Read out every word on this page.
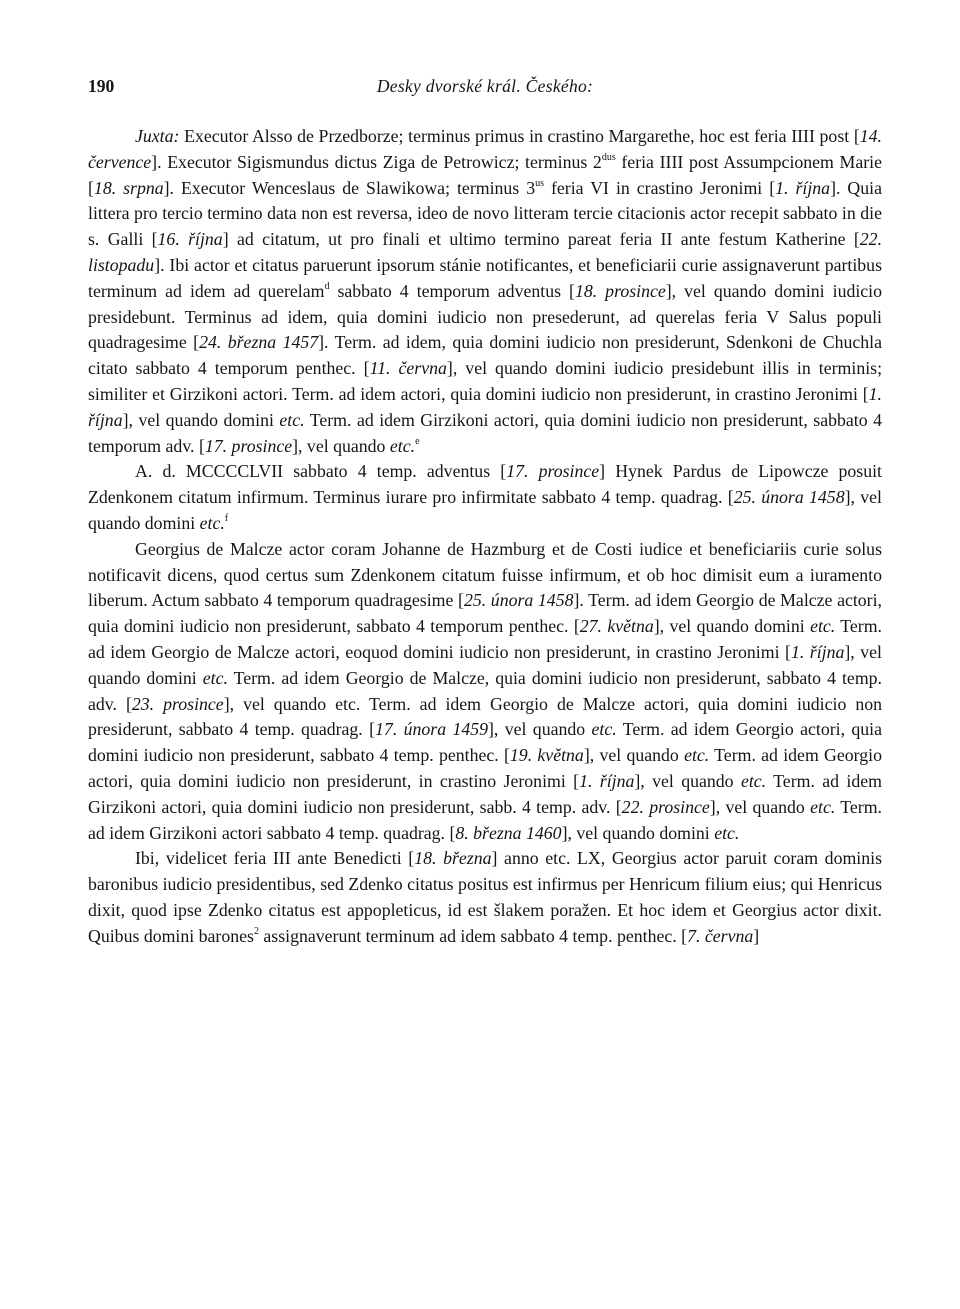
190	Desky dvorské král. Českého:

Juxta: Executor Alsso de Przedborze; terminus primus in crastino Margarethe, hoc est feria IIII post [14. července]. Executor Sigismundus dictus Ziga de Petrowicz; terminus $2^{dus}$ feria IIII post Assumpcionem Marie [18. srpna]. Executor Wenceslaus de Slawikowa; terminus $3^{us}$ feria VI in crastino Jeronimi [1. října]. Quia littera pro tercio termino data non est reversa, ideo de novo litteram tercie citacionis actor recepit sabbato in die s. Galli [16. října] ad citatum, ut pro finali et ultimo termino pareat feria II ante festum Katherine [22. listopadu]. Ibi actor et citatus paruerunt ipsorum stánie notificantes, et beneficiarii curie assignaverunt partibus terminum ad idem ad querelam$^d$ sabbato 4 temporum adventus [18. prosince], vel quando domini iudicio presidebunt. Terminus ad idem, quia domini iudicio non presederunt, ad querelas feria V Salus populi quadragesime [24. března 1457]. Term. ad idem, quia domini iudicio non presiderunt, Sdenkoni de Chuchla citato sabbato 4 temporum penthec. [11. června], vel quando domini iudicio presidebunt illis in terminis; similiter et Girzikoni actori. Term. ad idem actori, quia domini iudicio non presiderunt, in crastino Jeronimi [1. října], vel quando domini etc. Term. ad idem Girzikoni actori, quia domini iudicio non presiderunt, sabbato 4 temporum adv. [17. prosince], vel quando etc.$^e$

A. d. MCCCCLVII sabbato 4 temp. adventus [17. prosince] Hynek Pardus de Lipowcze posuit Zdenkonem citatum infirmum. Terminus iurare pro infirmitate sabbato 4 temp. quadrag. [25. února 1458], vel quando domini etc.$^f$

Georgius de Malcze actor coram Johanne de Hazmburg et de Costi iudice et beneficiariis curie solus notificavit dicens, quod certus sum Zdenkonem citatum fuisse infirmum, et ob hoc dimisit eum a iuramento liberum. Actum sabbato 4 temporum quadragesime [25. února 1458]. Term. ad idem Georgio de Malcze actori, quia domini iudicio non presiderunt, sabbato 4 temporum penthec. [27. května], vel quando domini etc. Term. ad idem Georgio de Malcze actori, eoquod domini iudicio non presiderunt, in crastino Jeronimi [1. října], vel quando domini etc. Term. ad idem Georgio de Malcze, quia domini iudicio non presiderunt, sabbato 4 temp. adv. [23. prosince], vel quando etc. Term. ad idem Georgio de Malcze actori, quia domini iudicio non presiderunt, sabbato 4 temp. quadrag. [17. února 1459], vel quando etc. Term. ad idem Georgio actori, quia domini iudicio non presiderunt, sabbato 4 temp. penthec. [19. května], vel quando etc. Term. ad idem Georgio actori, quia domini iudicio non presiderunt, in crastino Jeronimi [1. října], vel quando etc. Term. ad idem Girzikoni actori, quia domini iudicio non presiderunt, sabb. 4 temp. adv. [22. prosince], vel quando etc. Term. ad idem Girzikoni actori sabbato 4 temp. quadrag. [8. března 1460], vel quando domini etc.

Ibi, videlicet feria III ante Benedicti [18. března] anno etc. LX, Georgius actor paruit coram dominis baronibus iudicio presidentibus, sed Zdenko citatus positus est infirmus per Henricum filium eius; qui Henricus dixit, quod ipse Zdenko citatus est appopleticus, id est šlakem poražen. Et hoc idem et Georgius actor dixit. Quibus domini barones$^2$ assignaverunt terminum ad idem sabbato 4 temp. penthec. [7. června]
